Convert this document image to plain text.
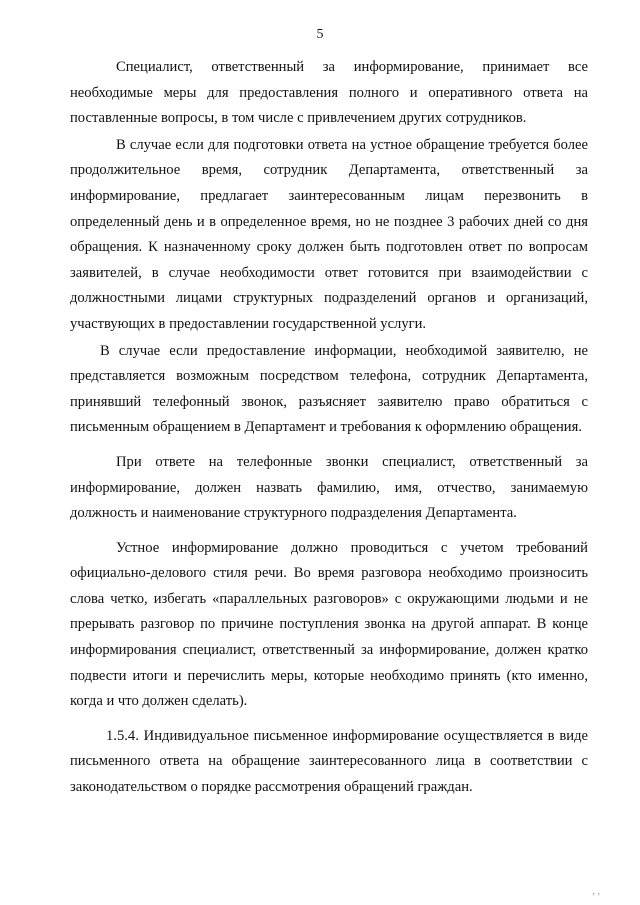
5

Специалист, ответственный за информирование, принимает все необходимые меры для предоставления полного и оперативного ответа на поставленные вопросы, в том числе с привлечением других сотрудников.

В случае если для подготовки ответа на устное обращение требуется более продолжительное время, сотрудник Департамента, ответственный за информирование, предлагает заинтересованным лицам перезвонить в определенный день и в определенное время, но не позднее 3 рабочих дней со дня обращения. К назначенному сроку должен быть подготовлен ответ по вопросам заявителей, в случае необходимости ответ готовится при взаимодействии с должностными лицами структурных подразделений органов и организаций, участвующих в предоставлении государственной услуги.

В случае если предоставление информации, необходимой заявителю, не представляется возможным посредством телефона, сотрудник Департамента, принявший телефонный звонок, разъясняет заявителю право обратиться с письменным обращением в Департамент и требования к оформлению обращения.

При ответе на телефонные звонки специалист, ответственный за информирование, должен назвать фамилию, имя, отчество, занимаемую должность и наименование структурного подразделения Департамента.

Устное информирование должно проводиться с учетом требований официально-делового стиля речи. Во время разговора необходимо произносить слова четко, избегать «параллельных разговоров» с окружающими людьми и не прерывать разговор по причине поступления звонка на другой аппарат. В конце информирования специалист, ответственный за информирование, должен кратко подвести итоги и перечислить меры, которые необходимо принять (кто именно, когда и что должен сделать).

1.5.4. Индивидуальное письменное информирование осуществляется в виде письменного ответа на обращение заинтересованного лица в соответствии с законодательством о порядке рассмотрения обращений граждан.

, ,
